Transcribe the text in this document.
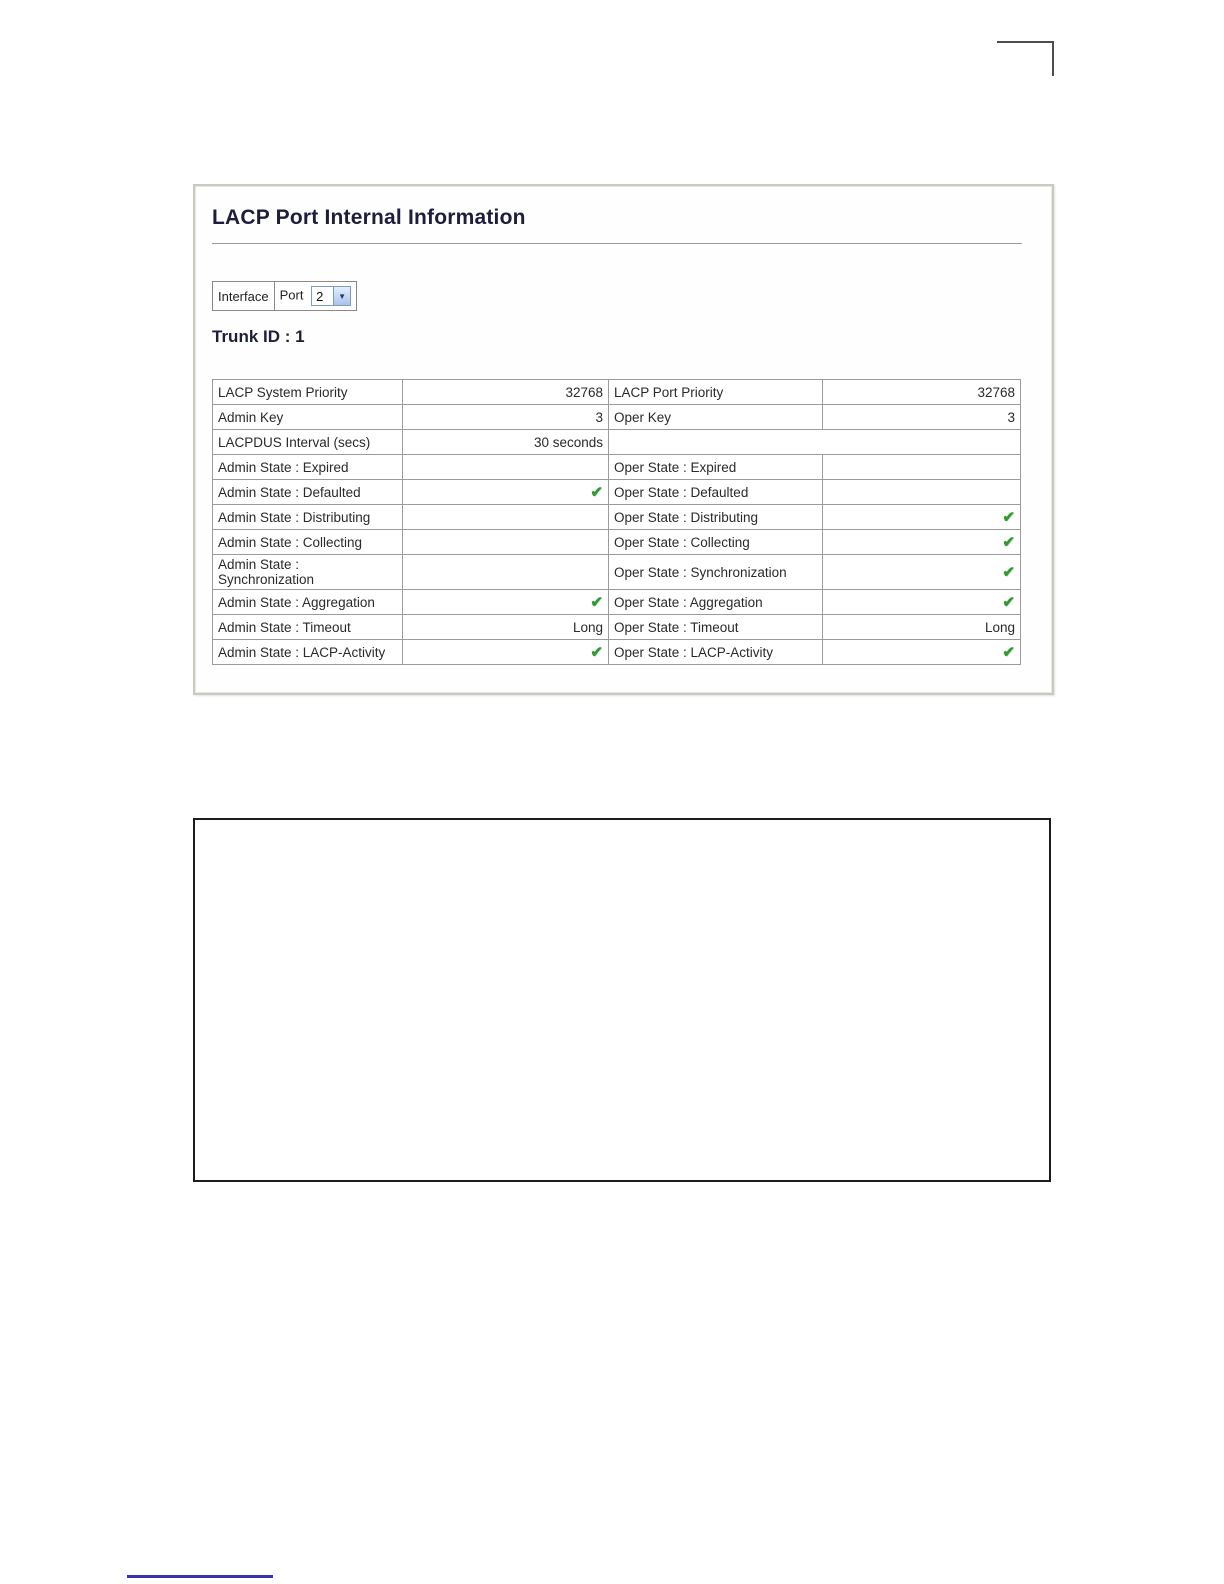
LACP Port Internal Information
Interface	Port 2	▼
Trunk ID : 1
LACP System Priority	32768	LACP Port Priority	32768
Admin Key	3	Oper Key	3
LACPDUS Interval (secs)	30 seconds		
Admin State : Expired		Oper State : Expired	
Admin State : Defaulted	✔	Oper State : Defaulted	
Admin State : Distributing		Oper State : Distributing	✔
Admin State : Collecting		Oper State : Collecting	✔
Admin State : Synchronization		Oper State : Synchronization	✔
Admin State : Aggregation	✔	Oper State : Aggregation	✔
Admin State : Timeout	Long	Oper State : Timeout	Long
Admin State : LACP-Activity	✔	Oper State : LACP-Activity	✔
